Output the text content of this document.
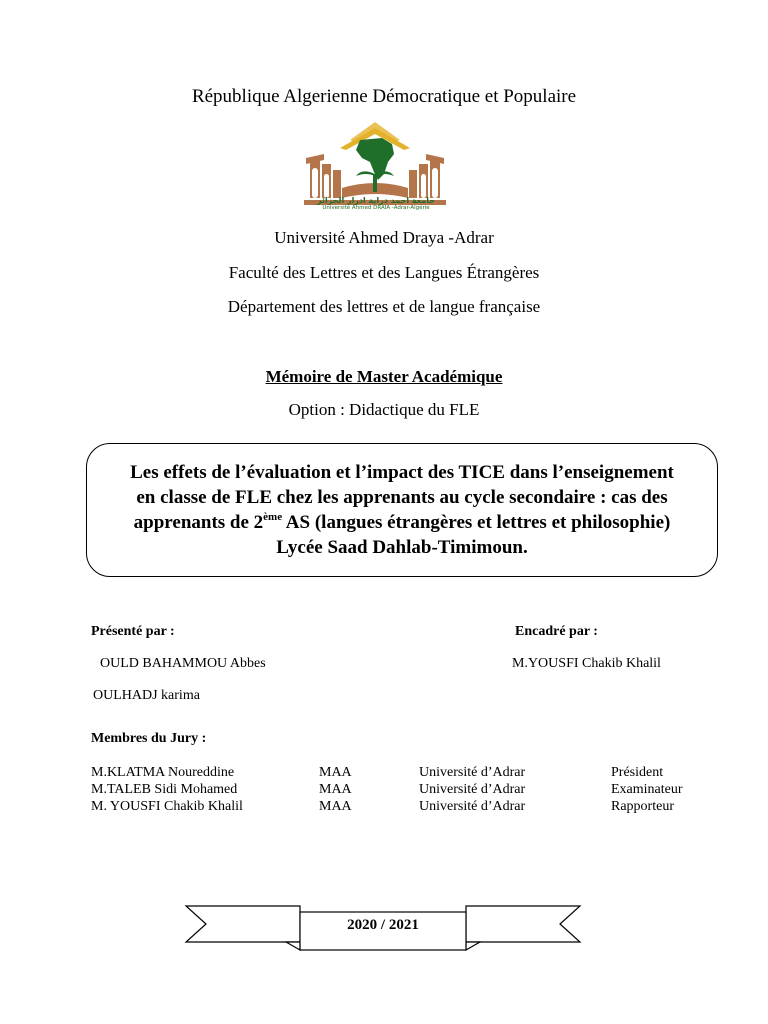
République Algerienne Démocratique et Populaire
جامعة احمد دراية ادرار الجزائر
Université Ahmed DRAIA -Adrar-Algérie
Université Ahmed Draya -Adrar
Faculté des Lettres et des Langues Étrangères
Département des lettres et de langue française
Mémoire de Master Académique
Option : Didactique du FLE
Les effets de l’évaluation et l’impact des TICE dans l’enseignement
en classe de FLE chez les apprenants au cycle secondaire : cas des
apprenants de 2ème AS (langues étrangères et lettres et philosophie)
Lycée Saad Dahlab-Timimoun.
Présenté par :
OULD BAHAMMOU Abbes
OULHADJ karima
Encadré par :
M.YOUSFI Chakib Khalil
Membres du Jury :
M.KLATMA Noureddine	MAA	Université d’Adrar	Président
M.TALEB Sidi Mohamed	MAA	Université d’Adrar	Examinateur
M. YOUSFI Chakib Khalil	MAA	Université d’Adrar	Rapporteur
2020 / 2021
